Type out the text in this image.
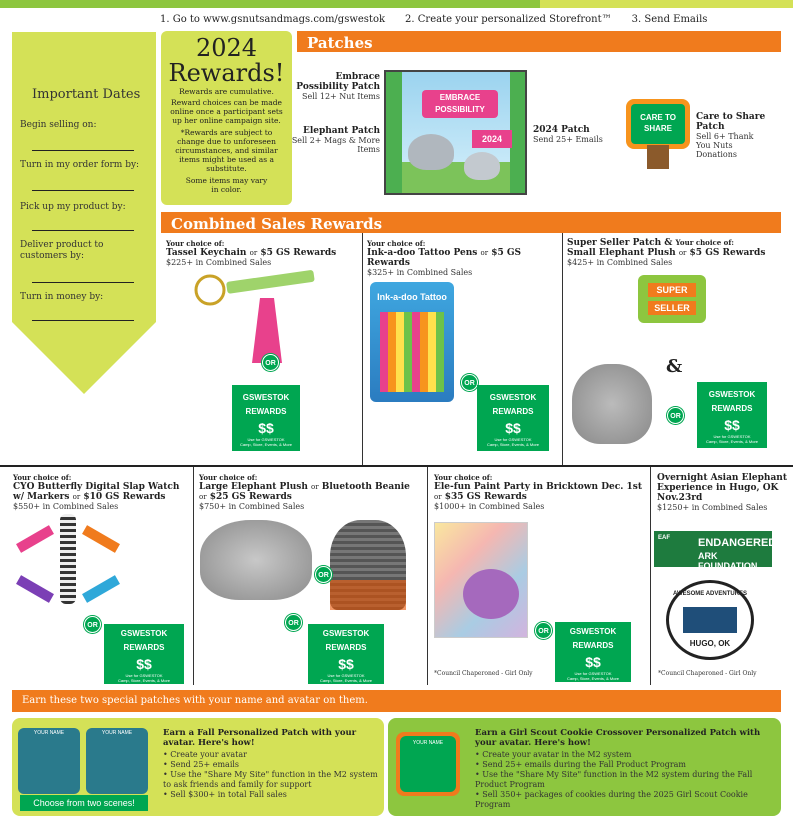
1. Go to www.gsnutsandmags.com/gswestok 2. Create your personalized Storefront™ 3. Send Emails
Important Dates
Begin selling on:
Turn in my order form by:
Pick up my product by:
Deliver product to customers by:
Turn in money by:
2024
Rewards!
Rewards are cumulative.
Reward choices can be made online once a participant sets up her online campaign site.
*Rewards are subject to change due to unforeseen circumstances, and similar items might be used as a substitute.
Some items may vary in color.
Patches
Embrace Possibility Patch
Sell 12+ Nut Items
Elephant Patch
Sell 2+ Mags & More Items
EMBRACE
POSSIBILITY
2024
2024 Patch
Send 25+ Emails
CARE TO
SHARE
Care to Share Patch
Sell 6+ Thank You Nuts Donations
Combined Sales Rewards
Your choice of:
Tassel Keychain or $5 GS Rewards
$225+ in Combined Sales
OR
GSWESTOK
REWARDS
$$
Use for GSWESTOK
Camp, Store, Events, & More
Your choice of:
Ink-a-doo Tattoo Pens or $5 GS Rewards
$325+ in Combined Sales
Ink-a-doo Tattoo
OR
GSWESTOK
REWARDS
$$
Use for GSWESTOK
Camp, Store, Events, & More
Super Seller Patch & Your choice of:
Small Elephant Plush or $5 GS Rewards
$425+ in Combined Sales
SUPER
SELLER
&
OR
GSWESTOK
REWARDS
$$
Use for GSWESTOK
Camp, Store, Events, & More
Your choice of:
CYO Butterfly Digital Slap Watch w/ Markers or $10 GS Rewards
$550+ in Combined Sales
OR
GSWESTOK
REWARDS
$$
Use for GSWESTOK
Camp, Store, Events, & More
Your choice of:
Large Elephant Plush or Bluetooth Beanie
or $25 GS Rewards
$750+ in Combined Sales
OR
OR
GSWESTOK
REWARDS
$$
Use for GSWESTOK
Camp, Store, Events, & More
Your choice of:
Ele-fun Paint Party in Bricktown Dec. 1st
or $35 GS Rewards
$1000+ in Combined Sales
OR	GSWESTOK
REWARDS
$$
Use for GSWESTOK
Camp, Store, Events, & More
*Council Chaperoned - Girl Only
Overnight Asian Elephant Experience in Hugo, OK Nov.23rd
$1250+ in Combined Sales
EAF	ENDANGERED
ARK FOUNDATION
AWESOME ADVENTURES
HUGO, OK
*Council Chaperoned - Girl Only
Earn these two special patches with your name and avatar on them.
YOUR NAME	YOUR NAME
Choose from two scenes!
Earn a Fall Personalized Patch with your avatar. Here's how!
• Create your avatar
• Send 25+ emails
• Use the "Share My Site" function in the M2 system to ask friends and family for support
• Sell $300+ in total Fall sales
YOUR NAME
Earn a Girl Scout Cookie Crossover Personalized Patch with your avatar. Here's how!
• Create your avatar in the M2 system
• Send 25+ emails during the Fall Product Program
• Use the "Share My Site" function in the M2 system during the Fall Product Program
• Sell 350+ packages of cookies during the 2025 Girl Scout Cookie Program
